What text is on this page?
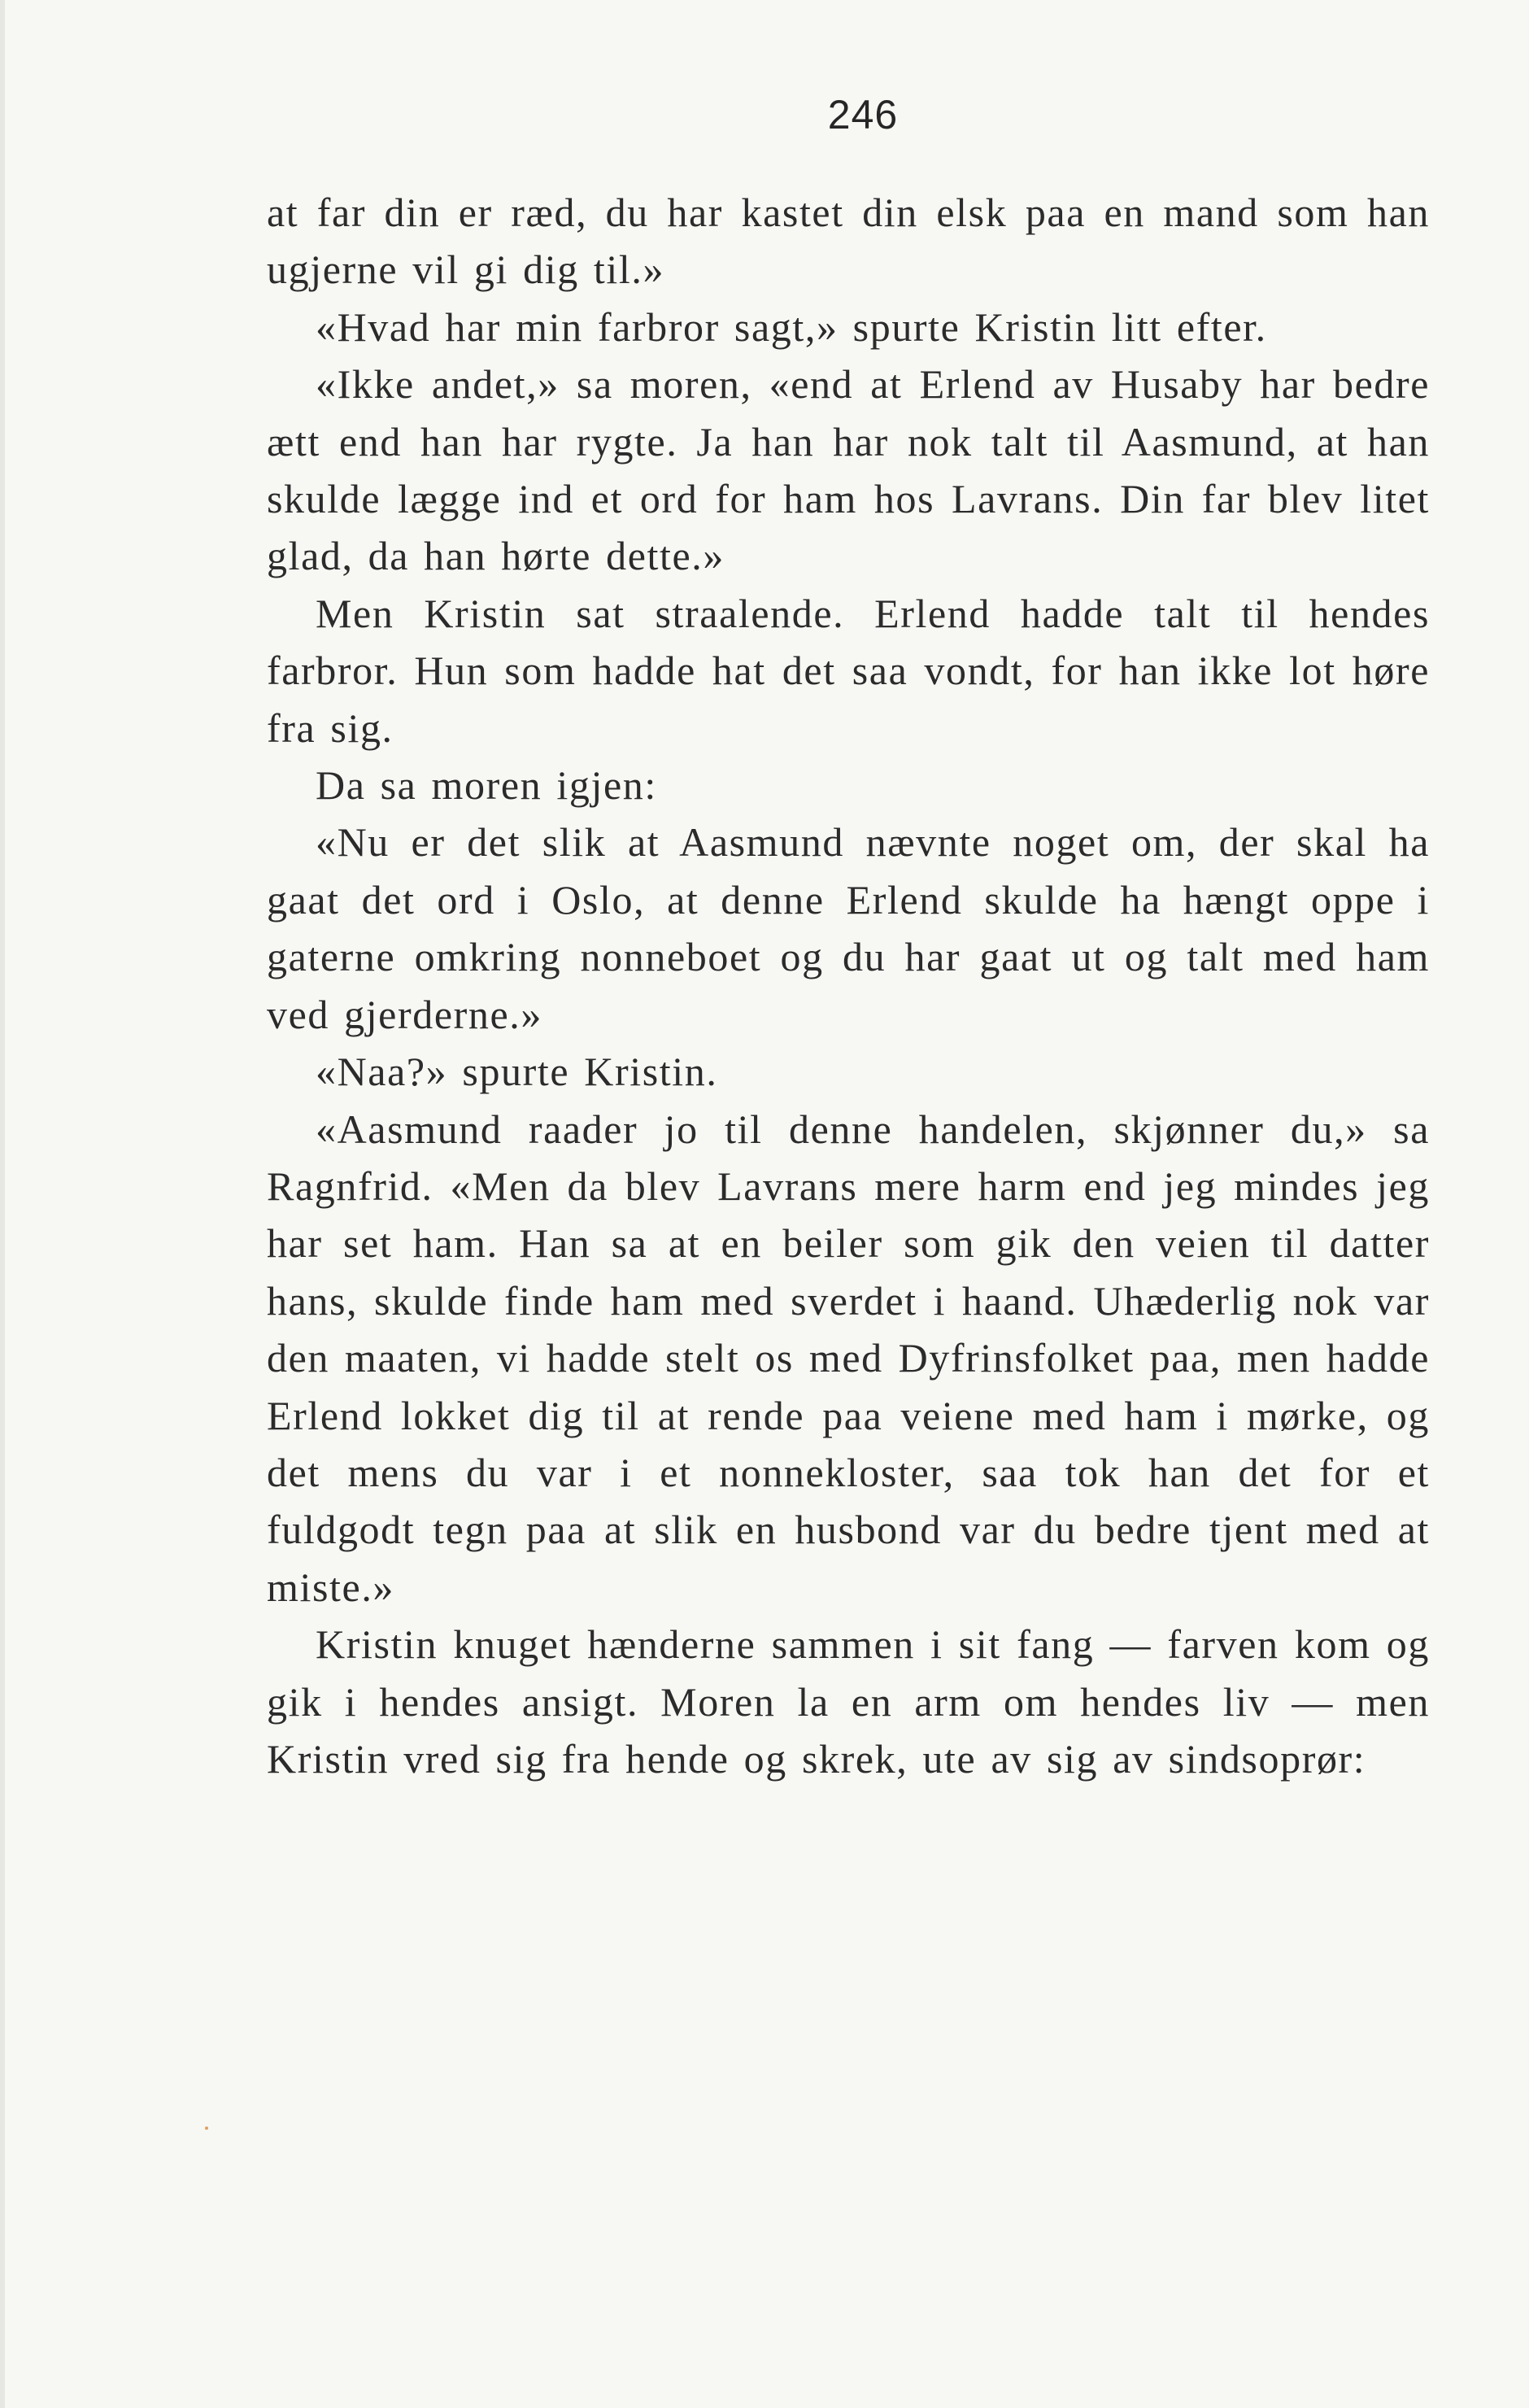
246

at far din er ræd, du har kastet din elsk paa en mand som han ugjerne vil gi dig til.»

«Hvad har min farbror sagt,» spurte Kristin litt efter.

«Ikke andet,» sa moren, «end at Erlend av Husaby har bedre ætt end han har rygte. Ja han har nok talt til Aasmund, at han skulde lægge ind et ord for ham hos Lavrans. Din far blev litet glad, da han hørte dette.»

Men Kristin sat straalende. Erlend hadde talt til hendes farbror. Hun som hadde hat det saa vondt, for han ikke lot høre fra sig.

Da sa moren igjen:

«Nu er det slik at Aasmund nævnte noget om, der skal ha gaat det ord i Oslo, at denne Erlend skulde ha hængt oppe i gaterne omkring nonneboet og du har gaat ut og talt med ham ved gjerderne.»

«Naa?» spurte Kristin.

«Aasmund raader jo til denne handelen, skjønner du,» sa Ragnfrid. «Men da blev Lavrans mere harm end jeg mindes jeg har set ham. Han sa at en beiler som gik den veien til datter hans, skulde finde ham med sverdet i haand. Uhæderlig nok var den maaten, vi hadde stelt os med Dyfrinsfolket paa, men hadde Erlend lokket dig til at rende paa veiene med ham i mørke, og det mens du var i et nonnekloster, saa tok han det for et fuldgodt tegn paa at slik en husbond var du bedre tjent med at miste.»

Kristin knuget hænderne sammen i sit fang — farven kom og gik i hendes ansigt. Moren la en arm om hendes liv — men Kristin vred sig fra hende og skrek, ute av sig av sindsoprør:
